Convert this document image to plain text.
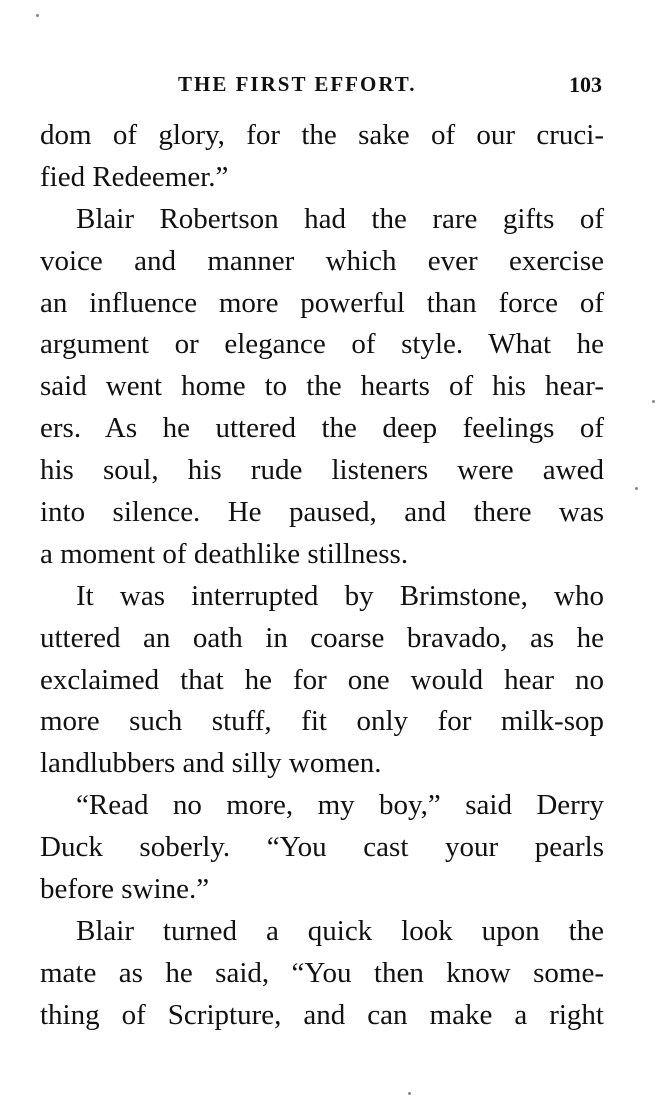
THE FIRST EFFORT.	103
dom of glory, for the sake of our cruci-
fied Redeemer.”
Blair Robertson had the rare gifts of
voice and manner which ever exercise
an influence more powerful than force of
argument or elegance of style. What he
said went home to the hearts of his hear-
ers. As he uttered the deep feelings of
his soul, his rude listeners were awed
into silence. He paused, and there was
a moment of deathlike stillness.
It was interrupted by Brimstone, who
uttered an oath in coarse bravado, as he
exclaimed that he for one would hear no
more such stuff, fit only for milk-sop
landlubbers and silly women.
“Read no more, my boy,” said Derry
Duck soberly. “You cast your pearls
before swine.”
Blair turned a quick look upon the
mate as he said, “You then know some-
thing of Scripture, and can make a right
